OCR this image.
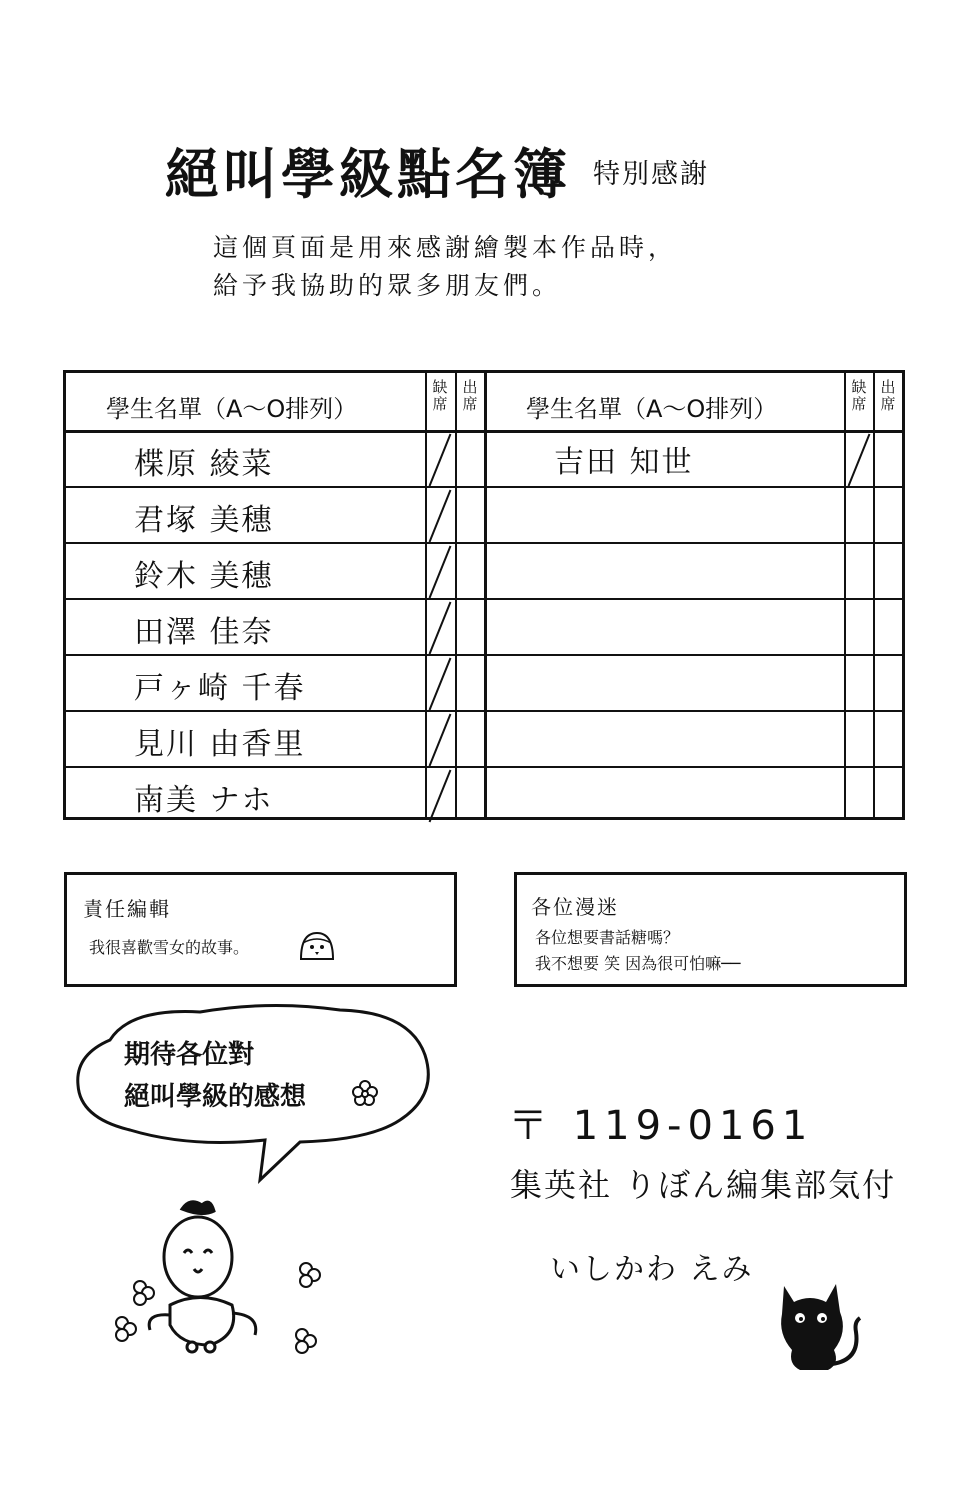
絕叫學級點名簿 特別感謝
這個頁面是用來感謝繪製本作品時，
給予我協助的眾多朋友們。
學生名單（A～O排列）
缺席
出席 學生名單（A～O排列）
缺席
出席
楪原 綾菜
君塚 美穗
鈴木 美穗
田澤 佳奈
戸ヶ崎 千春
見川 由香里
南美 ナホ
吉田 知世
責任編輯
我很喜歡雪女的故事。
各位漫迷
各位想要書話糖嗎？
我不想要 笑 因為很可怕嘛──
期待各位對
絕叫學級的感想
〒 119-0161
集英社 りぼん編集部気付
いしかわ えみ
